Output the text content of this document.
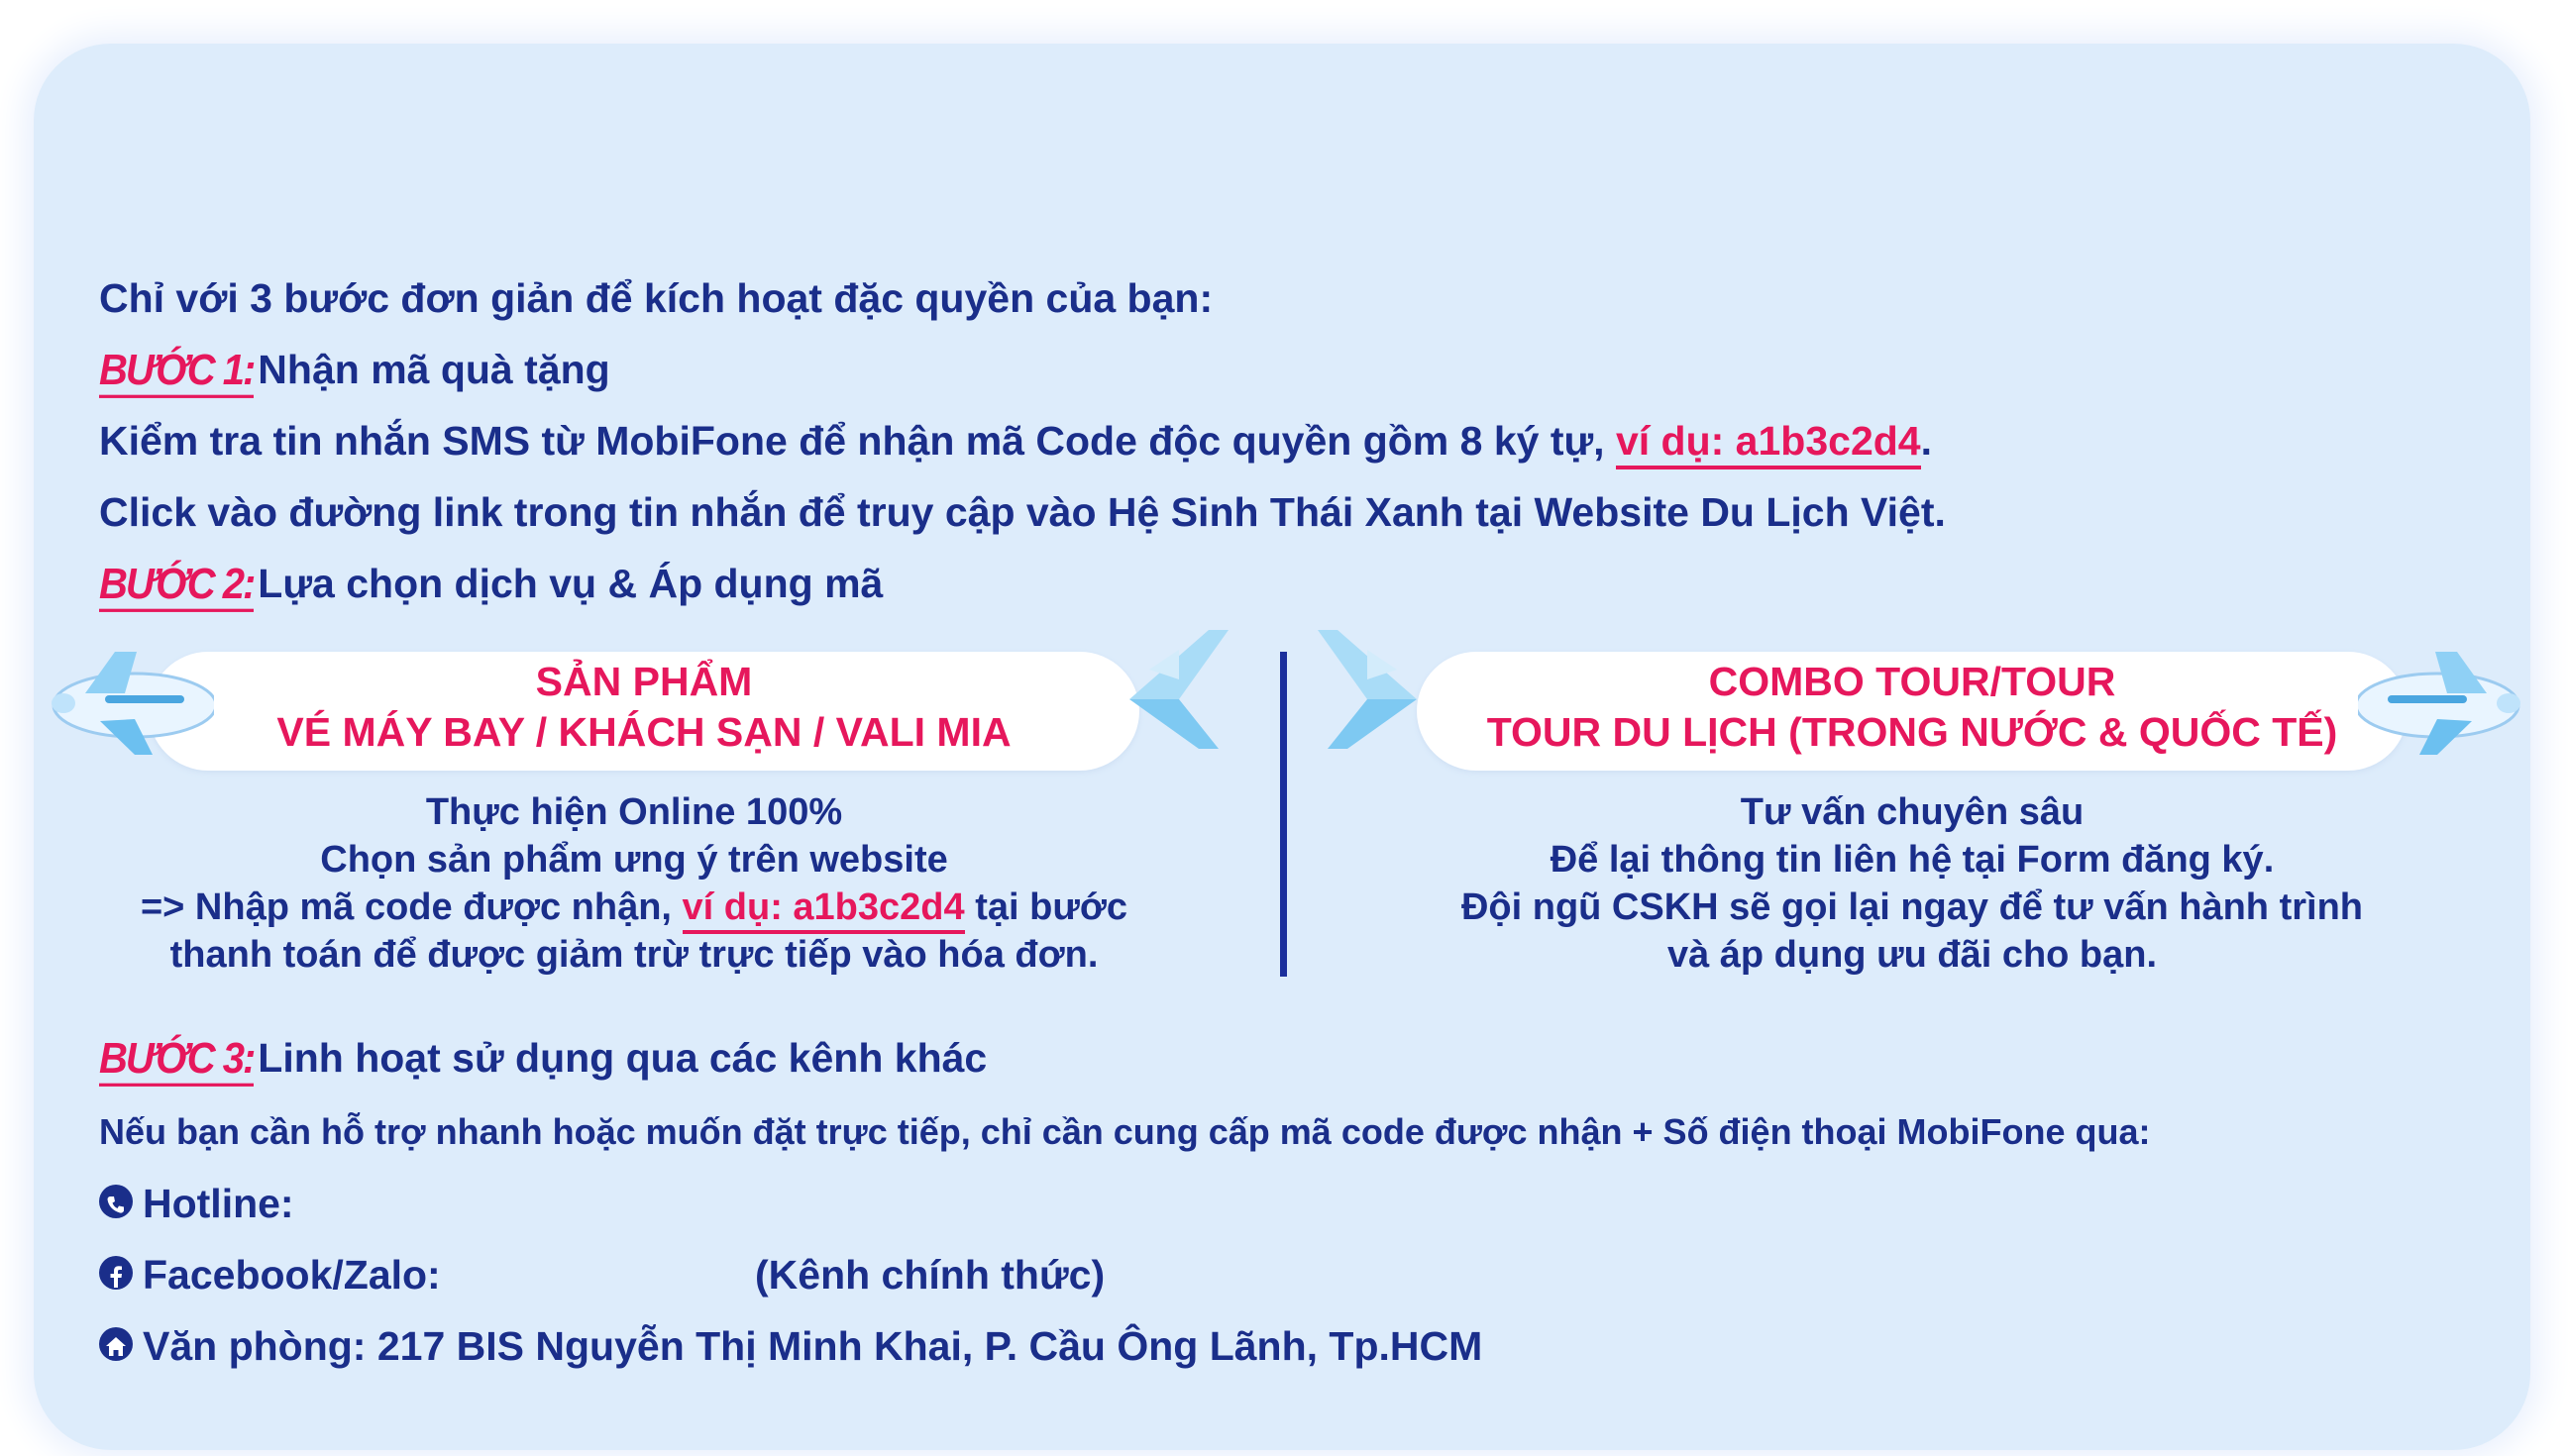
Chỉ với 3 bước đơn giản để kích hoạt đặc quyền của bạn:
BƯỚC 1:Nhận mã quà tặng
Kiểm tra tin nhắn SMS từ MobiFone để nhận mã Code độc quyền gồm 8 ký tự, ví dụ: a1b3c2d4.
Click vào đường link trong tin nhắn để truy cập vào Hệ Sinh Thái Xanh tại Website Du Lịch Việt.
BƯỚC 2:Lựa chọn dịch vụ & Áp dụng mã
SẢN PHẨM
VÉ MÁY BAY / KHÁCH SẠN / VALI MIA
COMBO TOUR/TOUR
TOUR DU LỊCH (TRONG NƯỚC & QUỐC TẾ)
Thực hiện Online 100%
Chọn sản phẩm ưng ý trên website
=> Nhập mã code được nhận, ví dụ: a1b3c2d4 tại bước
thanh toán để được giảm trừ trực tiếp vào hóa đơn.
Tư vấn chuyên sâu
Để lại thông tin liên hệ tại Form đăng ký.
Đội ngũ CSKH sẽ gọi lại ngay để tư vấn hành trình
và áp dụng ưu đãi cho bạn.
BƯỚC 3:Linh hoạt sử dụng qua các kênh khác
Nếu bạn cần hỗ trợ nhanh hoặc muốn đặt trực tiếp, chỉ cần cung cấp mã code được nhận + Số điện thoại MobiFone qua:
Hotline:
Facebook/Zalo:	(Kênh chính thức)
Văn phòng: 217 BIS Nguyễn Thị Minh Khai, P. Cầu Ông Lãnh, Tp.HCM
